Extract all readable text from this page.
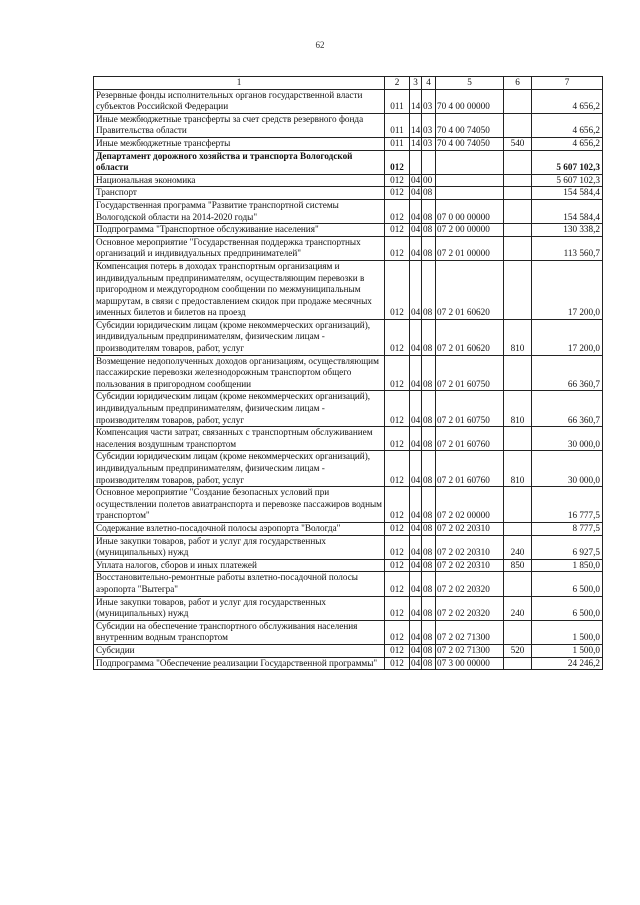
62
1	2	3	4	5	6	7
Резервные фонды исполнительных органов государственной власти субъектов Российской Федерации	011	14	03	70 4 00 00000		4 656,2
Иные межбюджетные трансферты за счет средств резервного фонда Правительства области	011	14	03	70 4 00 74050		4 656,2
Иные межбюджетные трансферты	011	14	03	70 4 00 74050	540	4 656,2
Департамент дорожного хозяйства и транспорта Вологодской области	012					5 607 102,3
Национальная экономика	012	04	00			5 607 102,3
Транспорт	012	04	08			154 584,4
Государственная программа "Развитие транспортной системы Вологодской области на 2014-2020 годы"	012	04	08	07 0 00 00000		154 584,4
Подпрограмма "Транспортное обслуживание населения"	012	04	08	07 2 00 00000		130 338,2
Основное мероприятие "Государственная поддержка транспортных организаций и индивидуальных предпринимателей"	012	04	08	07 2 01 00000		113 560,7
Компенсация потерь в доходах транспортным организациям и индивидуальным предпринимателям, осуществляющим перевозки в пригородном и междугородном сообщении по межмуниципальным маршрутам, в связи с предоставлением скидок при продаже месячных именных билетов и билетов на проезд	012	04	08	07 2 01 60620		17 200,0
Субсидии юридическим лицам (кроме некоммерческих организаций), индивидуальным предпринимателям, физическим лицам - производителям товаров, работ, услуг	012	04	08	07 2 01 60620	810	17 200,0
Возмещение недополученных доходов организациям, осуществляющим пассажирские перевозки железнодорожным транспортом общего пользования в пригородном сообщении	012	04	08	07 2 01 60750		66 360,7
Субсидии юридическим лицам (кроме некоммерческих организаций), индивидуальным предпринимателям, физическим лицам - производителям товаров, работ, услуг	012	04	08	07 2 01 60750	810	66 360,7
Компенсация части затрат, связанных с транспортным обслуживанием населения воздушным транспортом	012	04	08	07 2 01 60760		30 000,0
Субсидии юридическим лицам (кроме некоммерческих организаций), индивидуальным предпринимателям, физическим лицам - производителям товаров, работ, услуг	012	04	08	07 2 01 60760	810	30 000,0
Основное мероприятие "Создание безопасных условий при осуществлении полетов авиатранспорта и перевозке пассажиров водным транспортом"	012	04	08	07 2 02 00000		16 777,5
Содержание взлетно-посадочной полосы аэропорта "Вологда"	012	04	08	07 2 02 20310		8 777,5
Иные закупки товаров, работ и услуг для государственных (муниципальных) нужд	012	04	08	07 2 02 20310	240	6 927,5
Уплата налогов, сборов и иных платежей	012	04	08	07 2 02 20310	850	1 850,0
Восстановительно-ремонтные работы взлетно-посадочной полосы аэропорта "Вытегра"	012	04	08	07 2 02 20320		6 500,0
Иные закупки товаров, работ и услуг для государственных (муниципальных) нужд	012	04	08	07 2 02 20320	240	6 500,0
Субсидии на обеспечение транспортного обслуживания населения внутренним водным транспортом	012	04	08	07 2 02 71300		1 500,0
Субсидии	012	04	08	07 2 02 71300	520	1 500,0
Подпрограмма "Обеспечение реализации Государственной программы"	012	04	08	07 3 00 00000		24 246,2
